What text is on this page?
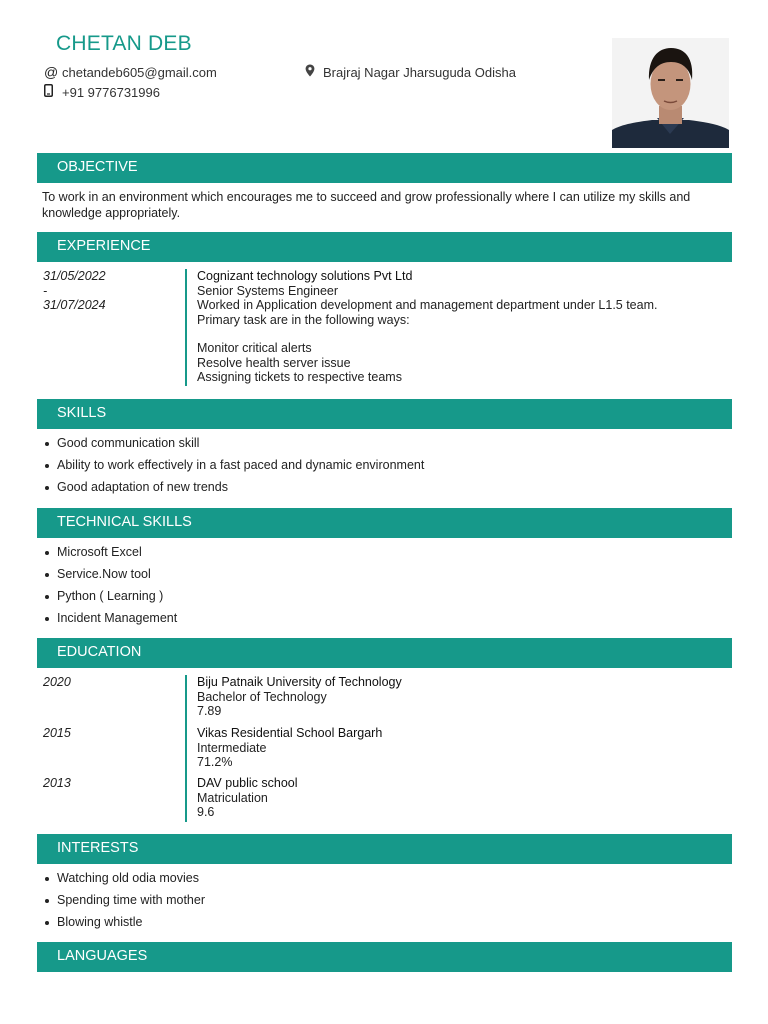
CHETAN DEB
@ chetandeb605@gmail.com
+91 9776731996
Brajraj Nagar Jharsuguda Odisha
OBJECTIVE
To work in an environment which encourages me to succeed and grow professionally where I can utilize my skills and knowledge appropriately.
EXPERIENCE
31/05/2022
-
31/07/2024
Cognizant technology solutions Pvt Ltd
Senior Systems Engineer
Worked in Application development and management department under L1.5 team.
Primary task are in the following ways:
Monitor critical alerts
Resolve health server issue
Assigning tickets to respective teams
SKILLS
Good communication skill
Ability to work effectively in a fast paced and dynamic environment
Good adaptation of new trends
TECHNICAL SKILLS
Microsoft Excel
Service.Now tool
Python ( Learning )
Incident Management
EDUCATION
2020	Biju Patnaik University of Technology
Bachelor of Technology
7.89
2015	Vikas Residential School Bargarh
Intermediate
71.2%
2013	DAV public school
Matriculation
9.6
INTERESTS
Watching old odia movies
Spending time with mother
Blowing whistle
LANGUAGES
